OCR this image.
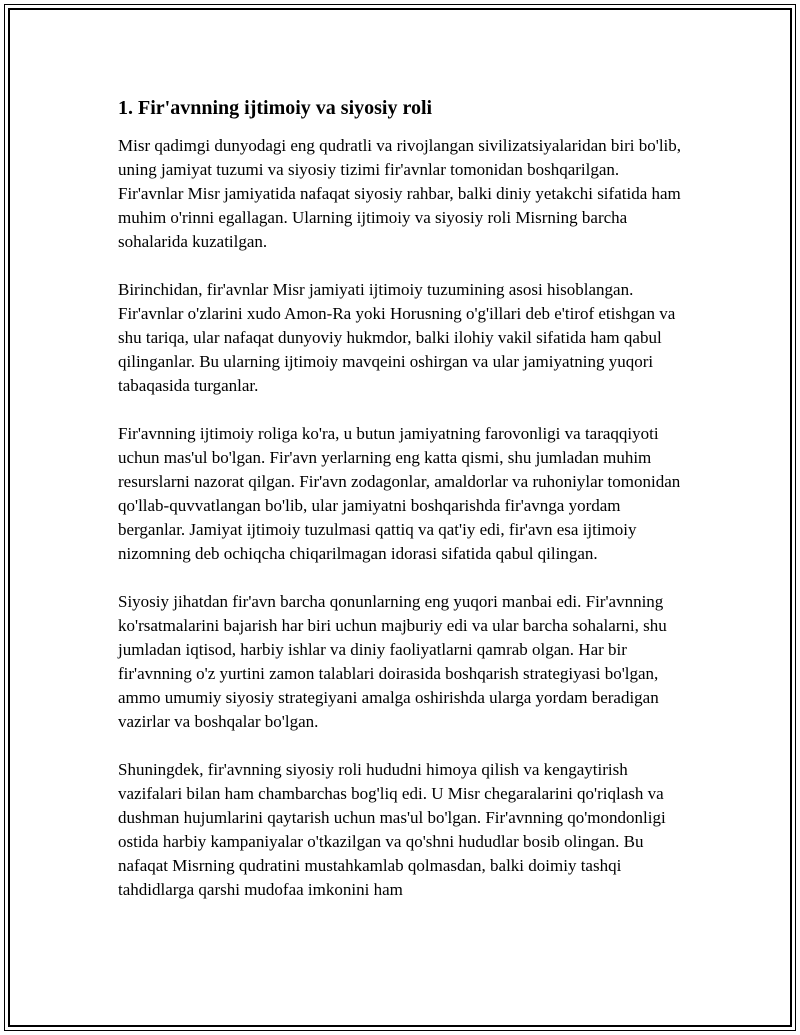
1. Fir'avnning ijtimoiy va siyosiy roli

Misr qadimgi dunyodagi eng qudratli va rivojlangan sivilizatsiyalaridan biri bo'lib, uning jamiyat tuzumi va siyosiy tizimi fir'avnlar tomonidan boshqarilgan. Fir'avnlar Misr jamiyatida nafaqat siyosiy rahbar, balki diniy yetakchi sifatida ham muhim o'rinni egallagan. Ularning ijtimoiy va siyosiy roli Misrning barcha sohalarida kuzatilgan.

Birinchidan, fir'avnlar Misr jamiyati ijtimoiy tuzumining asosi hisoblangan. Fir'avnlar o'zlarini xudo Amon-Ra yoki Horusning o'g'illari deb e'tirof etishgan va shu tariqa, ular nafaqat dunyoviy hukmdor, balki ilohiy vakil sifatida ham qabul qilinganlar. Bu ularning ijtimoiy mavqeini oshirgan va ular jamiyatning yuqori tabaqasida turganlar.

Fir'avnning ijtimoiy roliga ko'ra, u butun jamiyatning farovonligi va taraqqiyoti uchun mas'ul bo'lgan. Fir'avn yerlarning eng katta qismi, shu jumladan muhim resurslarni nazorat qilgan. Fir'avn zodagonlar, amaldorlar va ruhoniylar tomonidan qo'llab-quvvatlangan bo'lib, ular jamiyatni boshqarishda fir'avnga yordam berganlar. Jamiyat ijtimoiy tuzulmasi qattiq va qat'iy edi, fir'avn esa ijtimoiy nizomning deb ochiqcha chiqarilmagan idorasi sifatida qabul qilingan.

Siyosiy jihatdan fir'avn barcha qonunlarning eng yuqori manbai edi. Fir'avnning ko'rsatmalarini bajarish har biri uchun majburiy edi va ular barcha sohalarni, shu jumladan iqtisod, harbiy ishlar va diniy faoliyatlarni qamrab olgan. Har bir fir'avnning o'z yurtini zamon talablari doirasida boshqarish strategiyasi bo'lgan, ammo umumiy siyosiy strategiyani amalga oshirishda ularga yordam beradigan vazirlar va boshqalar bo'lgan.

Shuningdek, fir'avnning siyosiy roli hududni himoya qilish va kengaytirish vazifalari bilan ham chambarchas bog'liq edi. U Misr chegaralarini qo'riqlash va dushman hujumlarini qaytarish uchun mas'ul bo'lgan. Fir'avnning qo'mondonligi ostida harbiy kampaniyalar o'tkazilgan va qo'shni hududlar bosib olingan. Bu nafaqat Misrning qudratini mustahkamlab qolmasdan, balki doimiy tashqi tahdidlarga qarshi mudofaa imkonini ham
